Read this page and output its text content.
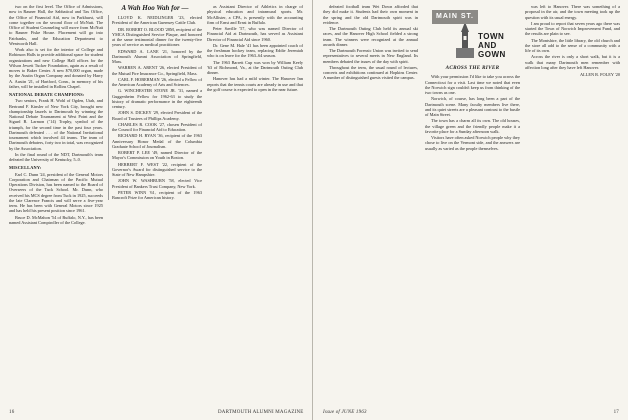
two on the first level. The Office of Admissions, now in Rauner Hall, the Sabbatical and Tax Office, the Office of Financial Aid, now in Parkhurst, will come together on the second floor of McNutt. The Office of Student Counseling will move from McNutt to Rauner Fiske House. Placement will go into Fairbanks, and the Education Department to Wentworth Hall.

Work also is set for the interior of College and Robinson Halls to provide additional space for student organizations and new College Hall offices for the Wilson Jewett Tucker Foundation, again as a result of moves to Baker Center. A new $70,000 organ, made by the Austin Organ Company and donated by Harry A. Austin '21, of Hartford, Conn., in memory of his father, will be installed in Rollins Chapel.

NATIONAL DEBATE CHAMPIONS:

Two seniors, Frank H. Wohl of Ogden, Utah, and Bertrand F. Kinsler of New York City, brought new championship laurels to Dartmouth by winning the National Debate Tournament at West Point and the Sigurd B. Larmon (’14) Trophy, symbol of the triumph, for the second time in the past four years. Dartmouth defeated . . . of the National Invitational tournament which involved 44 teams. The team of Dartmouth debaters, forty two in total, was recognized by the Association.

In the final round of the NDT, Dartmouth's team defeated the University of Kentucky, 5–0.

MISCELLANY:

Earl C. Dunn '24, president of the General Motors Corporation and Chairman of the Pacific Mutual Operations Division, has been named to the Board of Overseers of the Tuck School. Mr. Dunn, who received his MCS degree from Tuck in 1925, succeeds the late Clarence Francis and will serve a five-year term. He has been with General Motors since 1925 and has held his present position since 1961.

Bruce D. McMahon '54 of Buffalo, N.Y., has been named Assistant Comptroller of the College.

A Wah Hoo Wah for —

LLOYD K. NEIDLINGER '23, elected President of the American Guernsey Cattle Club.

DR. ROBERT O. BLOOD '28M, recipient of the YMCA Distinguished Service Plaque, and honored at the same testimonial dinner for the twenty-five years of service as medical practitioner.

EDWARD A. LANE '21, honored by the Dartmouth Alumni Association of Springfield, Mass.

WARREN A. ARENT '26, elected President of the Mutual Fire Insurance Co., Springfield, Mass.

CARL F. HOBERMAN '26, elected a Fellow of the American Academy of Arts and Sciences.

G. WINCHESTER STONE JR. '31, named a Guggenheim Fellow for 1962-63 to study the history of dramatic performance in the eighteenth century.

JOHN S. DICKEY '29, elected President of the Board of Trustees of Phillips Academy.

CHARLES R. COOK '27, chosen President of the Council for Financial Aid to Education.

RICHARD H. RYAN '36, recipient of the 1963 Anniversary Honor Medal of the Columbia Graduate School of Journalism.

ROBERT P. LEE '49, named Director of the Mayor's Commission on Youth in Boston.

HERBERT F. WEST '22, recipient of the Governor's Award for distinguished service to the State of New Hampshire.

JOHN W. WASHBURN '58, elected Vice President of Bankers Trust Company, New York.

PETER WINN '61, recipient of the 1963 Bancroft Prize for American history.

as Assistant Director of Athletics in charge of physical education and intramural sports. Mr. McAllister, a CPA, is presently with the accounting firm of Ernst and Ernst in Buffalo.

Peter Saville '57, who was named Director of Financial Aid at Dartmouth, has served as Assistant Director of Financial Aid since 1960.

Dr. Gene M. Hale '41 has been appointed coach of the freshman hockey team, replacing Eddie Jeremiah who is on leave for the 1963–64 season.

The 1963 Barrett Cup was won by William Keely '63 of Richmond, Va., at the Dartmouth Outing Club dinner.

Hanover has had a mild winter. The Hanover Inn reports that the tennis courts are already in use and that the golf course is expected to open in the near future.

16	DARTMOUTH ALUMNI MAGAZINE

defeated football team Wet Down afforded that they did make it. Students had their own moment in the spring and the old Dartmouth spirit was in evidence.

The Dartmouth Outing Club held its annual ski races, and the Hanover High School fielded a strong team. The winners were recognized at the annual awards dinner.

The Dartmouth Forensic Union was invited to send representatives to several meets in New England. Its members debated the issues of the day with spirit.

Throughout the term, the usual round of lectures, concerts and exhibitions continued at Hopkins Center. A number of distinguished guests visited the campus.

MAIN ST.
TOWN
AND GOWN
ACROSS THE RIVER

With your permission I'd like to take you across the Connecticut for a visit. Last time we noted that even the Norwich sign couldn't keep us from thinking of the two towns as one.

Norwich, of course, has long been a part of the Dartmouth scene. Many faculty members live there, and its quiet streets are a pleasant contrast to the bustle of Main Street.

The town has a charm all its own. The old houses, the village green and the friendly people make it a favorite place for a Sunday afternoon walk.

Visitors have often asked Norwich people why they chose to live on the Vermont side, and the answers are usually as varied as the people themselves.

was left to Hanover. There was something of a proposal in the air, and the town meeting took up the question with its usual energy.

I am proud to report that seven years ago there was started the Town of Norwich Improvement Fund, and the results are plain to see.

The Montshire, the little library, the old church and the store all add to the sense of a community with a life of its own.

Across the river is only a short walk, but it is a walk that many Dartmouth men remember with affection long after they have left Hanover.

ALLEN R. FOLEY '20
Issue of JUNE 1963	17
